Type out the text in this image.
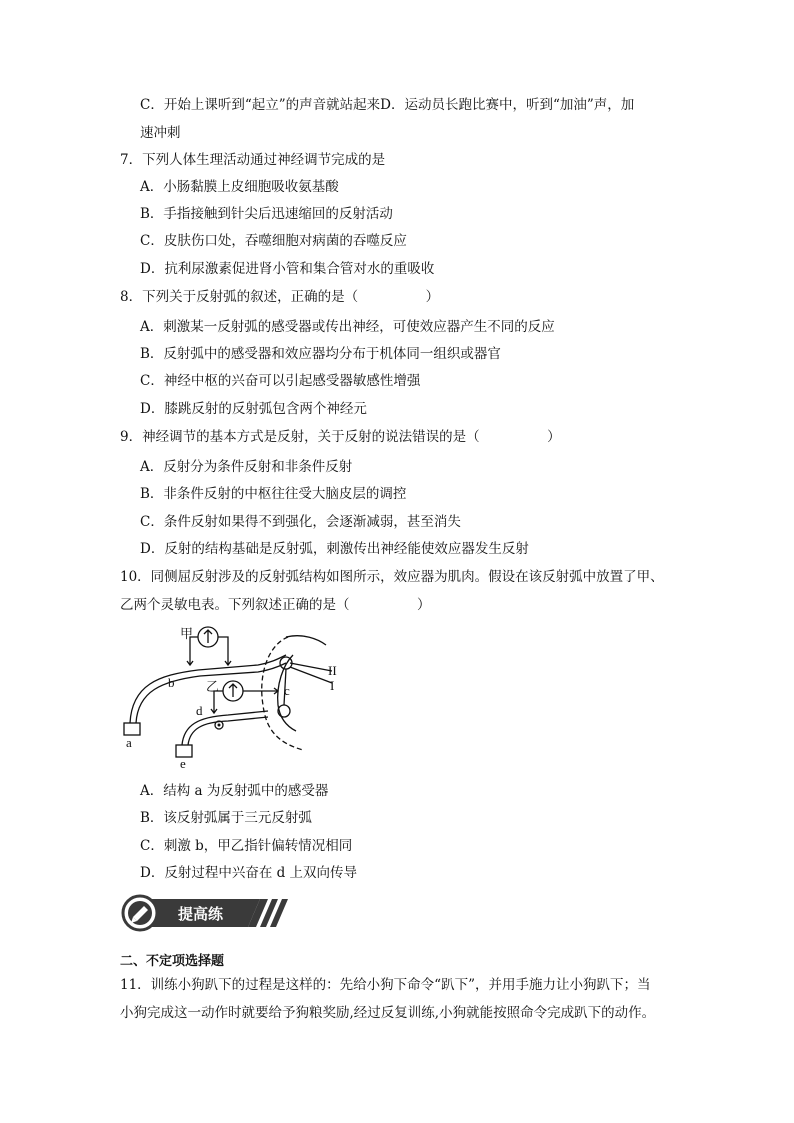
C．开始上课听到“起立”的声音就站起来D．运动员长跑比赛中，听到“加油”声，加
速冲刺
7．下列人体生理活动通过神经调节完成的是
A．小肠黏膜上皮细胞吸收氨基酸
B．手指接触到针尖后迅速缩回的反射活动
C．皮肤伤口处，吞噬细胞对病菌的吞噬反应
D．抗利尿激素促进肾小管和集合管对水的重吸收
8．下列关于反射弧的叙述，正确的是（　　　　　）
A．刺激某一反射弧的感受器或传出神经，可使效应器产生不同的反应
B．反射弧中的感受器和效应器均分布于机体同一组织或器官
C．神经中枢的兴奋可以引起感受器敏感性增强
D．膝跳反射的反射弧包含两个神经元
9．神经调节的基本方式是反射，关于反射的说法错误的是（　　　　　）
A．反射分为条件反射和非条件反射
B．非条件反射的中枢往往受大脑皮层的调控
C．条件反射如果得不到强化，会逐渐减弱，甚至消失
D．反射的结构基础是反射弧，刺激传出神经能使效应器发生反射
10．同侧屈反射涉及的反射弧结构如图所示，效应器为肌肉。假设在该反射弧中放置了甲、
乙两个灵敏电表。下列叙述正确的是（　　　　　）
甲
乙
a
b
c
d
e
II
I
A．结构 a 为反射弧中的感受器
B．该反射弧属于三元反射弧
C．刺激 b，甲乙指针偏转情况相同
D．反射过程中兴奋在 d 上双向传导
提高练
二、不定项选择题
11．训练小狗趴下的过程是这样的：先给小狗下命令“趴下”，并用手施力让小狗趴下；当
小狗完成这一动作时就要给予狗粮奖励,经过反复训练,小狗就能按照命令完成趴下的动作。
